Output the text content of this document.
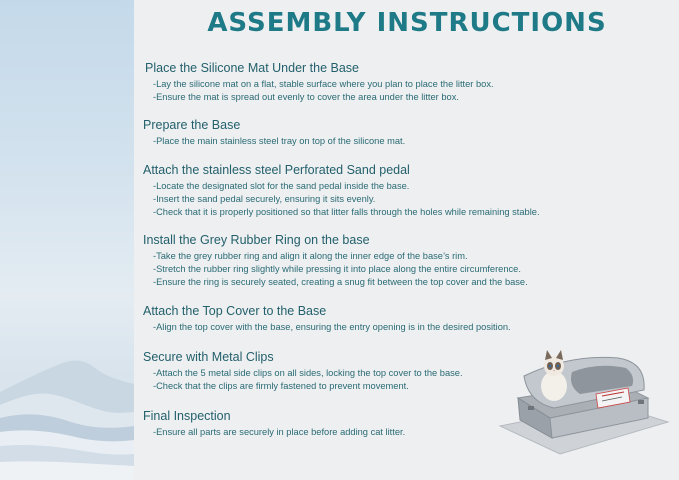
ASSEMBLY INSTRUCTIONS

Place the Silicone Mat Under the Base

-Lay the silicone mat on a flat, stable surface where you plan to place the litter box.

-Ensure the mat is spread out evenly to cover the area under the litter box.

Prepare the Base

-Place the main stainless steel tray on top of the silicone mat.

Attach the stainless steel Perforated Sand pedal

-Locate the designated slot for the sand pedal inside the base.

-Insert the sand pedal securely, ensuring it sits evenly.

-Check that it is properly positioned so that litter falls through the holes while remaining stable.

Install the Grey Rubber Ring on the base

-Take the grey rubber ring and align it along the inner edge of the base’s rim.

-Stretch the rubber ring slightly while pressing it into place along the entire circumference.

-Ensure the ring is securely seated, creating a snug fit between the top cover and the base.

Attach the Top Cover to the Base

-Align the top cover with the base, ensuring the entry opening is in the desired position.

Secure with Metal Clips

-Attach the 5 metal side clips on all sides, locking the top cover to the base.

-Check that the clips are firmly fastened to prevent movement.

Final Inspection

-Ensure all parts are securely in place before adding cat litter.
